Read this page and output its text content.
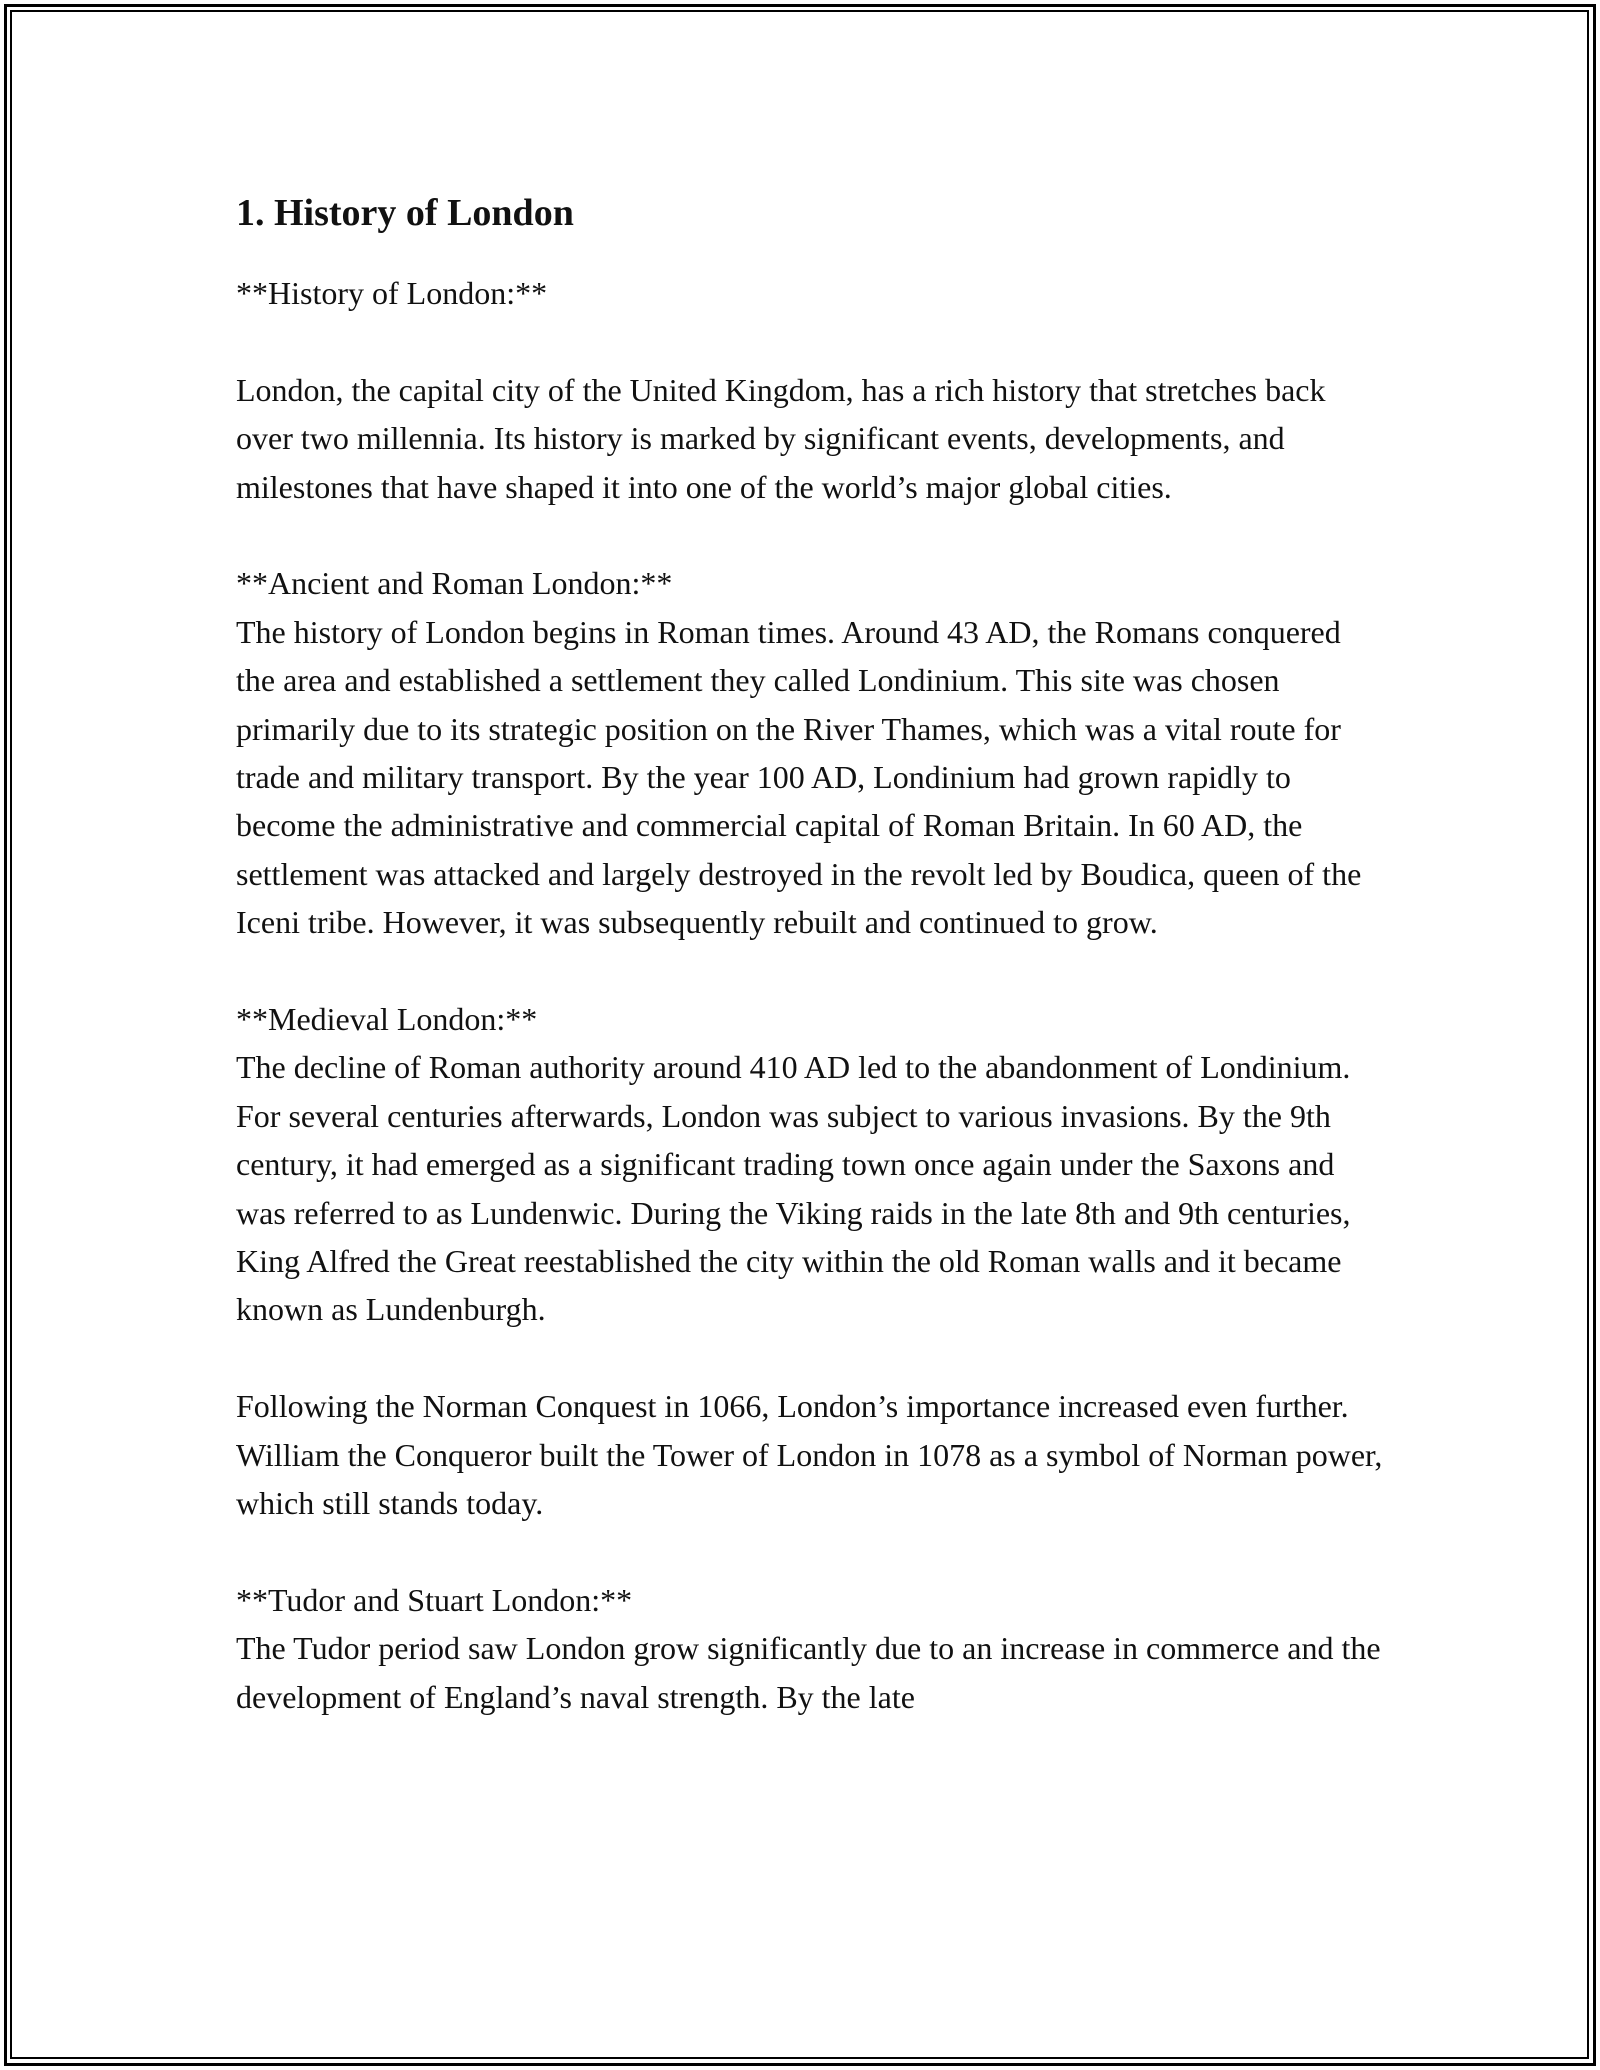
1. History of London

**History of London:**

London, the capital city of the United Kingdom, has a rich history that stretches back over two millennia. Its history is marked by significant events, developments, and milestones that have shaped it into one of the world’s major global cities.

**Ancient and Roman London:**

The history of London begins in Roman times. Around 43 AD, the Romans conquered the area and established a settlement they called Londinium. This site was chosen primarily due to its strategic position on the River Thames, which was a vital route for trade and military transport. By the year 100 AD, Londinium had grown rapidly to become the administrative and commercial capital of Roman Britain. In 60 AD, the settlement was attacked and largely destroyed in the revolt led by Boudica, queen of the Iceni tribe. However, it was subsequently rebuilt and continued to grow.

**Medieval London:**

The decline of Roman authority around 410 AD led to the abandonment of Londinium. For several centuries afterwards, London was subject to various invasions. By the 9th century, it had emerged as a significant trading town once again under the Saxons and was referred to as Lundenwic. During the Viking raids in the late 8th and 9th centuries, King Alfred the Great reestablished the city within the old Roman walls and it became known as Lundenburgh.

Following the Norman Conquest in 1066, London’s importance increased even further. William the Conqueror built the Tower of London in 1078 as a symbol of Norman power, which still stands today.

**Tudor and Stuart London:**

The Tudor period saw London grow significantly due to an increase in commerce and the development of England’s naval strength. By the late
